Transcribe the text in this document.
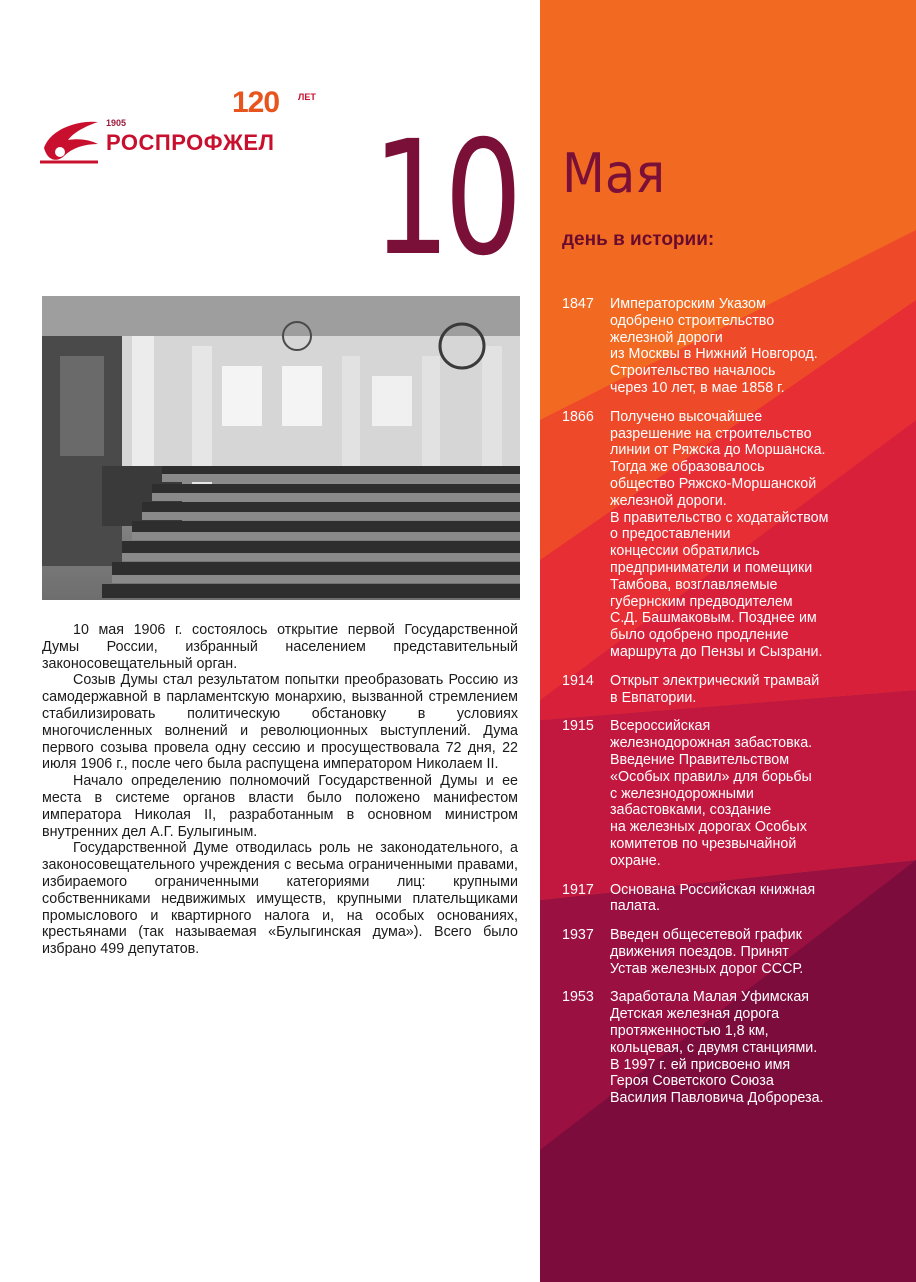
1905
РОСПРОФЖЕЛ
120 ЛЕТ
10 Мая
день в истории:

10 мая 1906 г. состоялось открытие первой Государственной Думы России, избранный населением представительный законосовещательный орган.

Созыв Думы стал результатом попытки преобразовать Россию из самодержавной в парламентскую монархию, вызванной стремлением стабилизировать политическую обстановку в условиях многочисленных волнений и революционных выступлений. Дума первого созыва провела одну сессию и просуществовала 72 дня, 22 июля 1906 г., после чего была распущена императором Николаем II.

Начало определению полномочий Государственной Думы и ее места в системе органов власти было положено манифестом императора Николая II, разработанным в основном министром внутренних дел А.Г. Булыгиным.

Государственной Думе отводилась роль не законодательного, а законосовещательного учреждения с весьма ограниченными правами, избираемого ограниченными категориями лиц: крупными собственниками недвижимых имуществ, крупными плательщиками промыслового и квартирного налога и, на особых основаниях, крестьянами (так называемая «Булыгинская дума»). Всего было избрано 499 депутатов.

1847	Императорским Указом
одобрено строительство
железной дороги
из Москвы в Нижний Новгород.
Строительство началось
через 10 лет, в мае 1858 г.
1866	Получено высочайшее
разрешение на строительство
линии от Ряжска до Моршанска.
Тогда же образовалось
общество Ряжско-Моршанской
железной дороги.
В правительство с ходатайством
о предоставлении
концессии обратились
предприниматели и помещики
Тамбова, возглавляемые
губернским предводителем
С.Д. Башмаковым. Позднее им
было одобрено продление
маршрута до Пензы и Сызрани.
1914	Открыт электрический трамвай
в Евпатории.
1915	Всероссийская
железнодорожная забастовка.
Введение Правительством
«Особых правил» для борьбы
с железнодорожными
забастовками, создание
на железных дорогах Особых
комитетов по чрезвычайной
охране.
1917	Основана Российская книжная
палата.
1937	Введен общесетевой график
движения поездов. Принят
Устав железных дорог СССР.
1953	Заработала Малая Уфимская
Детская железная дорога
протяженностью 1,8 км,
кольцевая, с двумя станциями.
В 1997 г. ей присвоено имя
Героя Советского Союза
Василия Павловича Доброреза.
